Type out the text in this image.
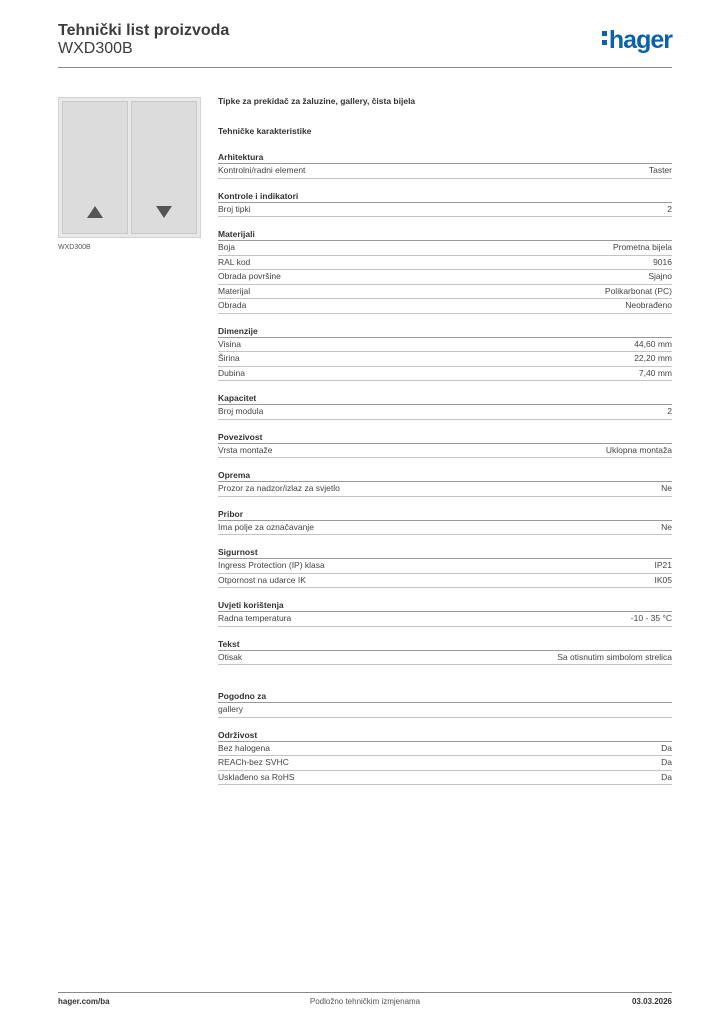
Tehnički list proizvoda
WXD300B	hager
WXD300B
Tipke za prekidač za žaluzine, gallery, čista bijela
Tehničke karakteristike
Arhitektura
Kontrolni/radni element	Taster
Kontrole i indikatori
Broj tipki	2
Materijali
Boja	Prometna bijela
RAL kod	9016
Obrada površine	Sjajno
Materijal	Polikarbonat (PC)
Obrada	Neobrađeno
Dimenzije
Visina	44,60 mm
Širina	22,20 mm
Dubina	7,40 mm
Kapacitet
Broj modula	2
Povezivost
Vrsta montaže	Uklopna montaža
Oprema
Prozor za nadzor/izlaz za svjetlo	Ne
Pribor
Ima polje za označavanje	Ne
Sigurnost
Ingress Protection (IP) klasa	IP21
Otpornost na udarce IK	IK05
Uvjeti korištenja
Radna temperatura	-10 - 35 °C
Tekst
Otisak	Sa otisnutim simbolom strelica
Pogodno za
gallery
Održivost
Bez halogena	Da
REACh-bez SVHC	Da
Usklađeno sa RoHS	Da
hager.com/ba	Podložno tehničkim izmjenama	03.03.2026
